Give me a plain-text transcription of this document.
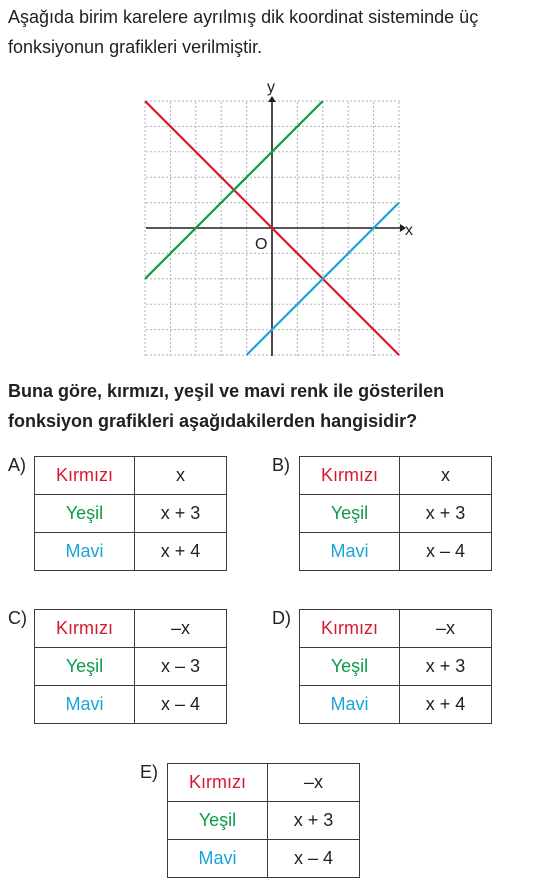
Aşağıda birim karelere ayrılmış dik koordinat sisteminde üç
fonksiyonun grafikleri verilmiştir.

x
y
O

Buna göre, kırmızı, yeşil ve mavi renk ile gösterilen
fonksiyon grafikleri aşağıdakilerden hangisidir?

A) Kırmızı	x
Yeşil	x + 3
Mavi	x + 4
B) Kırmızı	x
Yeşil	x + 3
Mavi	x – 4
C) Kırmızı	–x
Yeşil	x – 3
Mavi	x – 4
D) Kırmızı	–x
Yeşil	x + 3
Mavi	x + 4
E) Kırmızı	–x
Yeşil	x + 3
Mavi	x – 4
